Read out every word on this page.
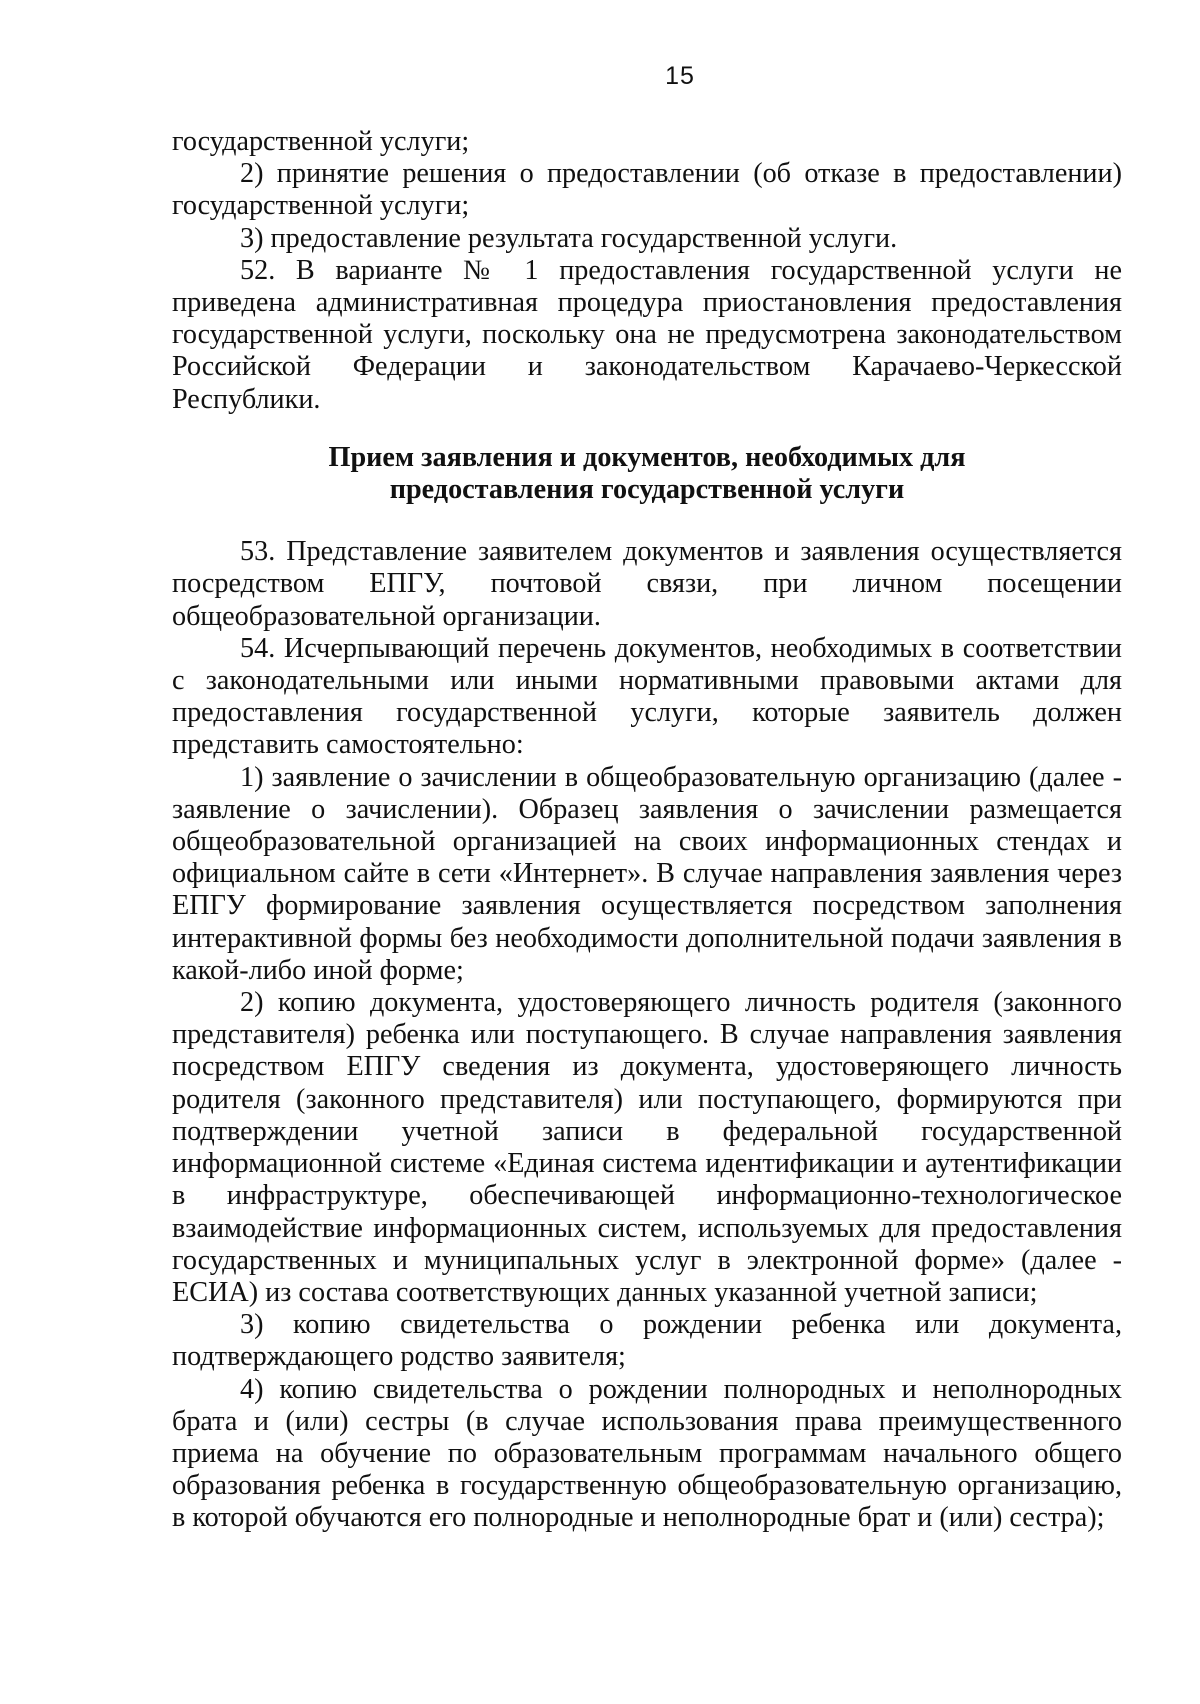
15

государственной услуги;

2) принятие решения о предоставлении (об отказе в предоставлении) государственной услуги;

3) предоставление результата государственной услуги.

52. В варианте № 1 предоставления государственной услуги не приведена административная процедура приостановления предоставления государственной услуги, поскольку она не предусмотрена законодательством Российской Федерации и законодательством Карачаево-Черкесской Республики.

Прием заявления и документов, необходимых для
предоставления государственной услуги

53. Представление заявителем документов и заявления осуществляется посредством ЕПГУ, почтовой связи, при личном посещении общеобразовательной организации.

54. Исчерпывающий перечень документов, необходимых в соответствии с законодательными или иными нормативными правовыми актами для предоставления государственной услуги, которые заявитель должен представить самостоятельно:

1) заявление о зачислении в общеобразовательную организацию (далее - заявление о зачислении). Образец заявления о зачислении размещается общеобразовательной организацией на своих информационных стендах и официальном сайте в сети «Интернет». В случае направления заявления через ЕПГУ формирование заявления осуществляется посредством заполнения интерактивной формы без необходимости дополнительной подачи заявления в какой-либо иной форме;

2) копию документа, удостоверяющего личность родителя (законного представителя) ребенка или поступающего. В случае направления заявления посредством ЕПГУ сведения из документа, удостоверяющего личность родителя (законного представителя) или поступающего, формируются при подтверждении учетной записи в федеральной государственной информационной системе «Единая система идентификации и аутентификации в инфраструктуре, обеспечивающей информационно-технологическое взаимодействие информационных систем, используемых для предоставления государственных и муниципальных услуг в электронной форме» (далее - ЕСИА) из состава соответствующих данных указанной учетной записи;

3) копию свидетельства о рождении ребенка или документа, подтверждающего родство заявителя;

4) копию свидетельства о рождении полнородных и неполнородных брата и (или) сестры (в случае использования права преимущественного приема на обучение по образовательным программам начального общего образования ребенка в государственную общеобразовательную организацию, в которой обучаются его полнородные и неполнородные брат и (или) сестра);
